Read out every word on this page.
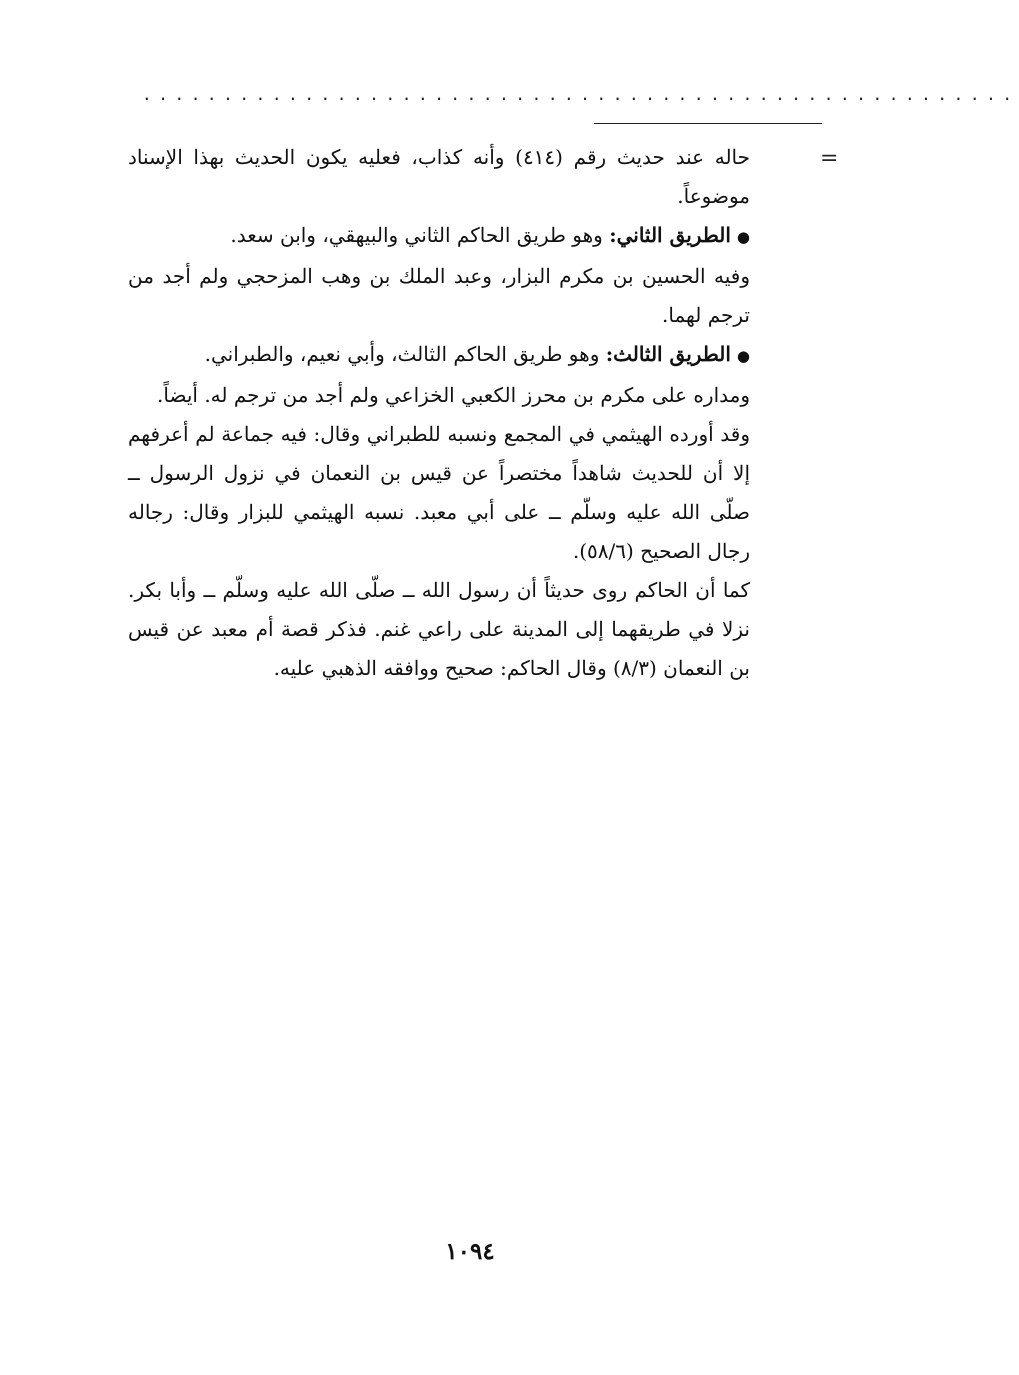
......................................................
=

حاله عند حديث رقم (٤١٤) وأنه كذاب، فعليه يكون الحديث بهذا الإسناد موضوعاً.

●الطريق الثاني: وهو طريق الحاكم الثاني والبيهقي، وابن سعد.

وفيه الحسين بن مكرم البزار، وعبد الملك بن وهب المزحجي ولم أجد من ترجم لهما.

●الطريق الثالث: وهو طريق الحاكم الثالث، وأبي نعيم، والطبراني.

ومداره على مكرم بن محرز الكعبي الخزاعي ولم أجد من ترجم له. أيضاً.

وقد أورده الهيثمي في المجمع ونسبه للطبراني وقال: فيه جماعة لم أعرفهم إلا أن للحديث شاهداً مختصراً عن قيس بن النعمان في نزول الرسول ــ صلّى الله عليه وسلّم ــ على أبي معبد. نسبه الهيثمي للبزار وقال: رجاله رجال الصحيح (٥٨/٦).

كما أن الحاكم روى حديثاً أن رسول الله ــ صلّى الله عليه وسلّم ــ وأبا بكر. نزلا في طريقهما إلى المدينة على راعي غنم. فذكر قصة أم معبد عن قيس بن النعمان (٨/٣) وقال الحاكم: صحيح ووافقه الذهبي عليه.

١٠٩٤
